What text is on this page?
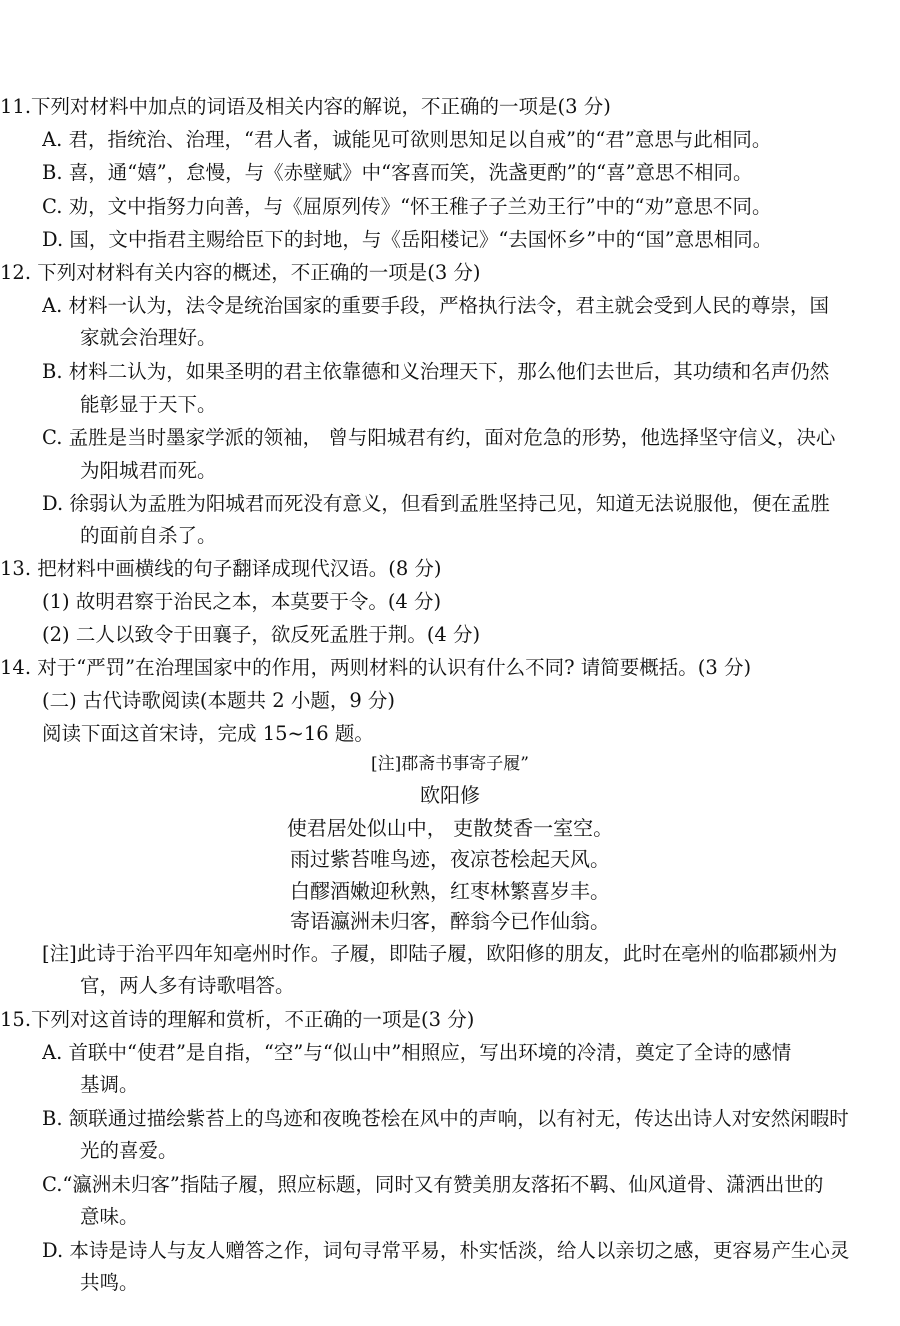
11.下列对材料中加点的词语及相关内容的解说，不正确的一项是(3 分)
A. 君，指统治、治理，“君人者，诚能见可欲则思知足以自戒”的“君”意思与此相同。
B. 喜，通“嬉”，怠慢，与《赤壁赋》中“客喜而笑，洗盏更酌”的“喜”意思不相同。
C. 劝，文中指努力向善，与《屈原列传》“怀王稚子子兰劝王行”中的“劝”意思不同。
D. 国，文中指君主赐给臣下的封地，与《岳阳楼记》“去国怀乡”中的“国”意思相同。
12. 下列对材料有关内容的概述，不正确的一项是(3 分)
A. 材料一认为，法令是统治国家的重要手段，严格执行法令，君主就会受到人民的尊崇，国
家就会治理好。
B. 材料二认为，如果圣明的君主依靠德和义治理天下，那么他们去世后，其功绩和名声仍然
能彰显于天下。
C. 孟胜是当时墨家学派的领袖， 曾与阳城君有约，面对危急的形势，他选择坚守信义，决心
为阳城君而死。
D. 徐弱认为孟胜为阳城君而死没有意义，但看到孟胜坚持己见，知道无法说服他，便在孟胜
的面前自杀了。
13. 把材料中画横线的句子翻译成现代汉语。(8 分)
(1) 故明君察于治民之本，本莫要于令。(4 分)
(2) 二人以致令于田襄子，欲反死孟胜于荆。(4 分)
14. 对于“严罚”在治理国家中的作用，两则材料的认识有什么不同? 请简要概括。(3 分)
(二) 古代诗歌阅读(本题共 2 小题，9 分)
阅读下面这首宋诗，完成 15~16 题。
[注]郡斋书事寄子履”
欧阳修
使君居处似山中， 吏散焚香一室空。
雨过紫苔唯鸟迹，夜凉苍桧起天风。
白醪酒嫩迎秋熟，红枣林繁喜岁丰。
寄语瀛洲未归客，醉翁今已作仙翁。
[注]此诗于治平四年知亳州时作。子履，即陆子履，欧阳修的朋友，此时在亳州的临郡颍州为
官，两人多有诗歌唱答。
15.下列对这首诗的理解和赏析，不正确的一项是(3 分)
A. 首联中“使君”是自指，“空”与“似山中”相照应，写出环境的冷清，奠定了全诗的感情
基调。
B. 颔联通过描绘紫苔上的鸟迹和夜晚苍桧在风中的声响，以有衬无，传达出诗人对安然闲暇时
光的喜爱。
C.“瀛洲未归客”指陆子履，照应标题，同时又有赞美朋友落拓不羁、仙风道骨、潇洒出世的
意味。
D. 本诗是诗人与友人赠答之作，词句寻常平易，朴实恬淡，给人以亲切之感，更容易产生心灵
共鸣。
